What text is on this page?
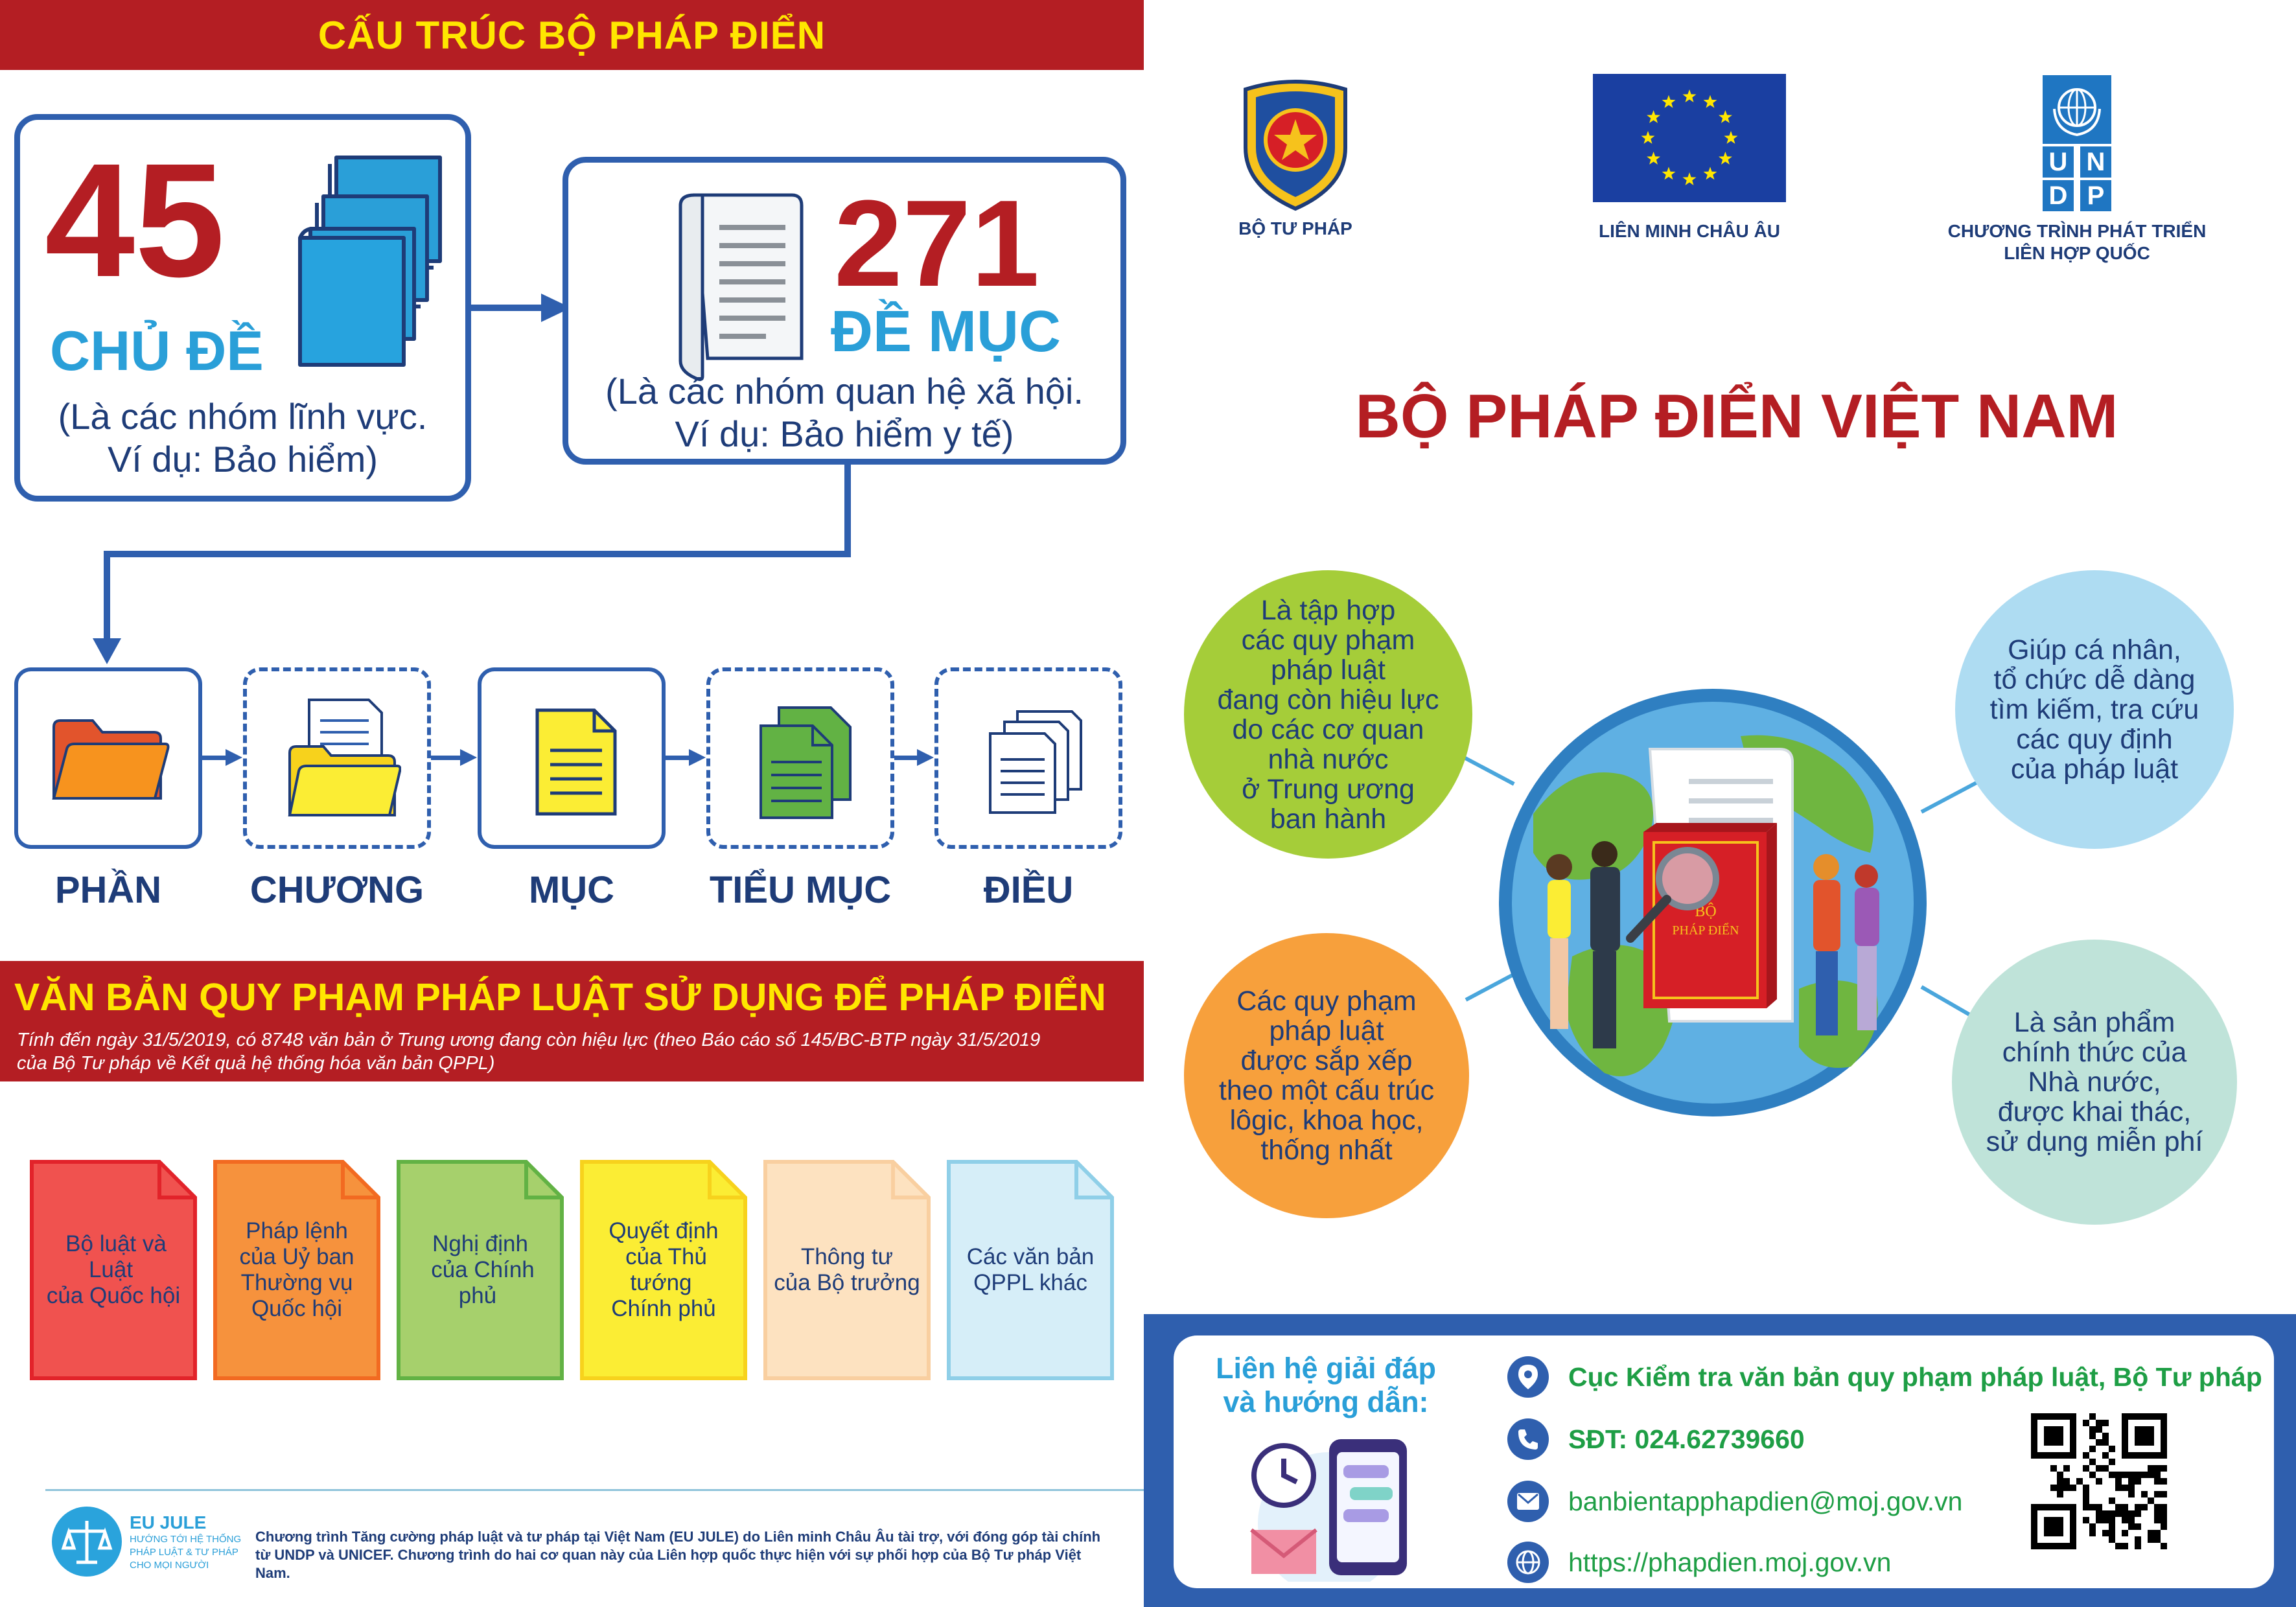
CẤU TRÚC BỘ PHÁP ĐIỂN
45
CHỦ ĐỀ
(Là các nhóm lĩnh vực.
Ví dụ: Bảo hiểm)
271
ĐỀ MỤC
(Là các nhóm quan hệ xã hội.
Ví dụ: Bảo hiểm y tế)
PHẦN	CHƯƠNG	MỤC	TIỂU MỤC	ĐIỀU
VĂN BẢN QUY PHẠM PHÁP LUẬT SỬ DỤNG ĐỂ PHÁP ĐIỂN
Tính đến ngày 31/5/2019, có 8748 văn bản ở Trung ương đang còn hiệu lực (theo Báo cáo số 145/BC-BTP ngày 31/5/2019
của Bộ Tư pháp về Kết quả hệ thống hóa văn bản QPPL)
Bộ luật và Luật
của Quốc hội
Pháp lệnh
của Uỷ ban
Thường vụ
Quốc hội
Nghị định
của Chính phủ
Quyết định
của Thủ tướng
Chính phủ
Thông tư
của Bộ trưởng
Các văn bản
QPPL khác
EU JULE
HƯỚNG TỚI HỆ THỐNG PHÁP LUẬT & TƯ PHÁP CHO MỌI NGƯỜI
Chương trình Tăng cường pháp luật và tư pháp tại Việt Nam (EU JULE) do Liên minh Châu Âu tài trợ, với đóng góp tài chính từ UNDP và UNICEF. Chương trình do hai cơ quan này của Liên hợp quốc thực hiện với sự phối hợp của Bộ Tư pháp Việt Nam.
BỘ TƯ PHÁP	LIÊN MINH CHÂU ÂU
U N
D P
CHƯƠNG TRÌNH PHÁT TRIỂN
LIÊN HỢP QUỐC
BỘ PHÁP ĐIỂN VIỆT NAM
BỘ
PHÁP ĐIỂN
Là tập hợp
các quy phạm
pháp luật
đang còn hiệu lực
do các cơ quan
nhà nước
ở Trung ương
ban hành
Giúp cá nhân,
tổ chức dễ dàng
tìm kiếm, tra cứu
các quy định
của pháp luật
Các quy phạm
pháp luật
được sắp xếp
theo một cấu trúc
lôgic, khoa học,
thống nhất
Là sản phẩm
chính thức của
Nhà nước,
được khai thác,
sử dụng miễn phí
Liên hệ giải đáp
và hướng dẫn:
Cục Kiểm tra văn bản quy phạm pháp luật, Bộ Tư pháp
SĐT: 024.62739660
banbientapphapdien@moj.gov.vn
https://phapdien.moj.gov.vn
